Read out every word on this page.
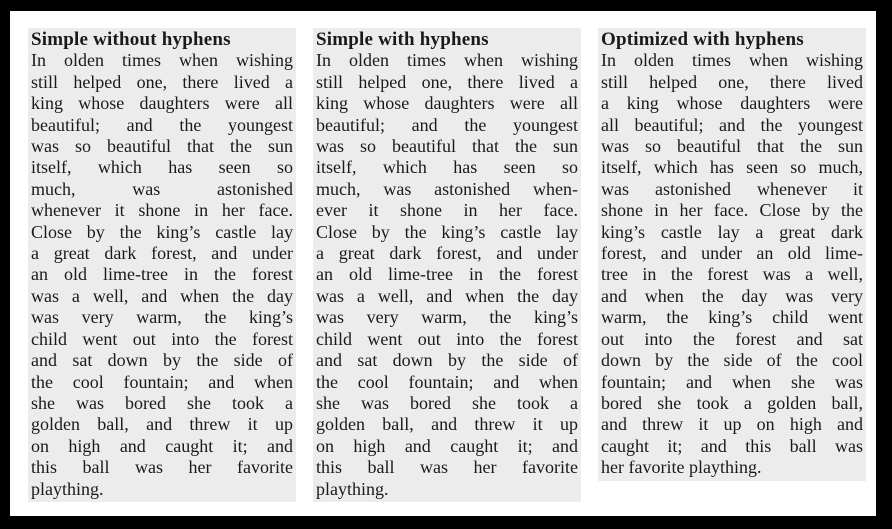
Simple without hyphens
In olden times when wishing
still helped one, there lived a
king whose daughters were all
beautiful; and the youngest
was so beautiful that the sun
itself, which has seen so
much, was astonished
whenever it shone in her face.
Close by the king’s castle lay
a great dark forest, and under
an old lime-tree in the forest
was a well, and when the day
was very warm, the king’s
child went out into the forest
and sat down by the side of
the cool fountain; and when
she was bored she took a
golden ball, and threw it up
on high and caught it; and
this ball was her favorite
plaything.
Simple with hyphens
In olden times when wishing
still helped one, there lived a
king whose daughters were all
beautiful; and the youngest
was so beautiful that the sun
itself, which has seen so
much, was astonished when-
ever it shone in her face.
Close by the king’s castle lay
a great dark forest, and under
an old lime-tree in the forest
was a well, and when the day
was very warm, the king’s
child went out into the forest
and sat down by the side of
the cool fountain; and when
she was bored she took a
golden ball, and threw it up
on high and caught it; and
this ball was her favorite
plaything.
Optimized with hyphens
In olden times when wishing
still helped one, there lived
a king whose daughters were
all beautiful; and the youngest
was so beautiful that the sun
itself, which has seen so much,
was astonished whenever it
shone in her face. Close by the
king’s castle lay a great dark
forest, and under an old lime-
tree in the forest was a well,
and when the day was very
warm, the king’s child went
out into the forest and sat
down by the side of the cool
fountain; and when she was
bored she took a golden ball,
and threw it up on high and
caught it; and this ball was
her favorite plaything.
